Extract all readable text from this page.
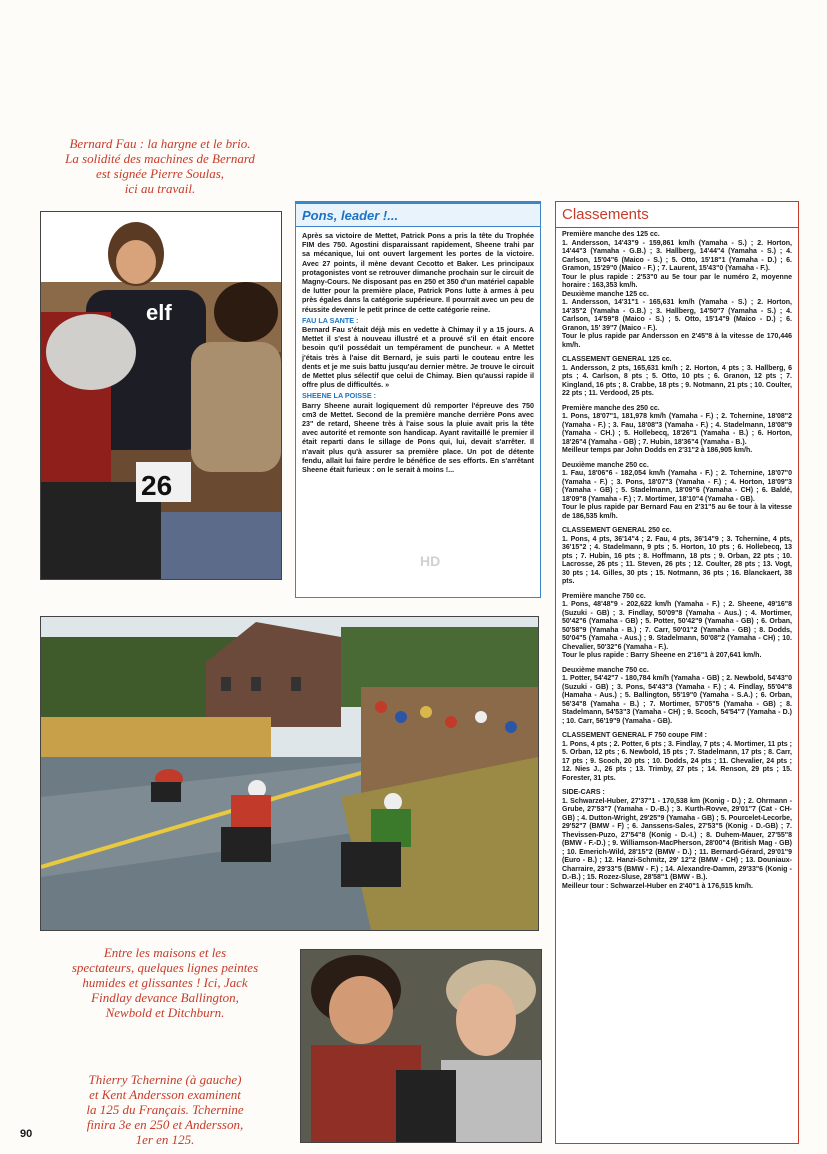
Bernard Fau : la hargne et le brio.
La solidité des machines de Bernard
est signée Pierre Soulas,
ici au travail.
elf
26
Pons, leader !...

Après sa victoire de Mettet, Patrick Pons a pris la tête du Trophée FIM des 750. Agostini disparaissant rapidement, Sheene trahi par sa mécanique, lui ont ouvert largement les portes de la victoire. Avec 27 points, il mène devant Cecotto et Baker. Les principaux protagonistes vont se retrouver dimanche prochain sur le circuit de Magny-Cours. Ne disposant pas en 250 et 350 d'un matériel capable de lutter pour la première place, Patrick Pons lutte à armes à peu près égales dans la catégorie supérieure. Il pourrait avec un peu de réussite devenir le petit prince de cette catégorie reine.

FAU LA SANTE :

Bernard Fau s'était déjà mis en vedette à Chimay il y a 15 jours. A Mettet il s'est à nouveau illustré et a prouvé s'il en était encore besoin qu'il possédait un tempérament de puncheur. « A Mettet j'étais très à l'aise dit Bernard, je suis parti le couteau entre les dents et je me suis battu jusqu'au dernier mètre. Je trouve le circuit de Mettet plus sélectif que celui de Chimay. Bien qu'aussi rapide il offre plus de difficultés. »

SHEENE LA POISSE :

Barry Sheene aurait logiquement dû remporter l'épreuve des 750 cm3 de Mettet. Second de la première manche derrière Pons avec 23" de retard, Sheene très à l'aise sous la pluie avait pris la tête avec autorité et remonte son handicap. Ayant ravitaillé le premier il était reparti dans le sillage de Pons qui, lui, devait s'arrêter. Il n'avait plus qu'à assurer sa première place. Un pot de détente fendu, allait lui faire perdre le bénéfice de ses efforts. En s'arrêtant Sheene était furieux : on le serait à moins !...

HD
Classements

Première manche des 125 cc.
1. Andersson, 14'43"9 - 159,861 km/h (Yamaha - S.) ; 2. Horton, 14'44"3 (Yamaha - G.B.) ; 3. Hallberg, 14'44"4 (Yamaha - S.) ; 4. Carlson, 15'04"6 (Maico - S.) ; 5. Otto, 15'18"1 (Yamaha - D.) ; 6. Gramon, 15'29"0 (Maico - F.) ; 7. Laurent, 15'43"0 (Yamaha - F.).
Tour le plus rapide : 2'53"0 au 5e tour par le numéro 2, moyenne horaire : 163,353 km/h.
Deuxième manche 125 cc.
1. Andersson, 14'31"1 - 165,631 km/h (Yamaha - S.) ; 2. Horton, 14'35"2 (Yamaha - G.B.) ; 3. Hallberg, 14'50"7 (Yamaha - S.) ; 4. Carlson, 14'59"8 (Maico - S.) ; 5. Otto, 15'14"9 (Maico - D.) ; 6. Granon, 15' 39"7 (Maico - F.).
Tour le plus rapide par Andersson en 2'45"8 à la vitesse de 170,446 km/h.

CLASSEMENT GENERAL 125 cc.
1. Andersson, 2 pts, 165,631 km/h ; 2. Horton, 4 pts ; 3. Hallberg, 6 pts ; 4. Carlson, 8 pts ; 5. Otto, 10 pts ; 6. Granon, 12 pts ; 7. Kingland, 16 pts ; 8. Crabbe, 18 pts ; 9. Notmann, 21 pts ; 10. Coulter, 22 pts ; 11. Verdood, 25 pts.

Première manche des 250 cc.
1. Pons, 18'07"1, 181,978 km/h (Yamaha - F.) ; 2. Tchernine, 18'08"2 (Yamaha - F.) ; 3. Fau, 18'08"3 (Yamaha - F.) ; 4. Stadelmann, 18'08"9 (Yamaha - CH.) ; 5. Hollebecq, 18'26"1 (Yamaha - B.) ; 6. Horton, 18'26"4 (Yamaha - GB) ; 7. Hubin, 18'36"4 (Yamaha - B.).
Meilleur temps par John Dodds en 2'31"2 à 186,905 km/h.

Deuxième manche 250 cc.
1. Fau, 18'06"6 - 182,054 km/h (Yamaha - F.) ; 2. Tchernine, 18'07"0 (Yamaha - F.) ; 3. Pons, 18'07"3 (Yamaha - F.) ; 4. Horton, 18'09"3 (Yamaha - GB) ; 5. Stadelmann, 18'09"6 (Yamaha - CH) ; 6. Baldé, 18'09"8 (Yamaha - F.) ; 7. Mortimer, 18'10"4 (Yamaha - GB).
Tour le plus rapide par Bernard Fau en 2'31"5 au 6e tour à la vitesse de 186,535 km/h.

CLASSEMENT GENERAL 250 cc.
1. Pons, 4 pts, 36'14"4 ; 2. Fau, 4 pts, 36'14"9 ; 3. Tchernine, 4 pts, 36'15"2 ; 4. Stadelmann, 9 pts ; 5. Horton, 10 pts ; 6. Hollebecq, 13 pts ; 7. Hubin, 16 pts ; 8. Hoffmann, 18 pts ; 9. Orban, 22 pts ; 10. Lacrosse, 26 pts ; 11. Steven, 26 pts ; 12. Coulter, 28 pts ; 13. Vogt, 30 pts ; 14. Gilles, 30 pts ; 15. Notmann, 36 pts ; 16. Blanckaert, 38 pts.

Première manche 750 cc.
1. Pons, 48'48"9 - 202,622 km/h (Yamaha - F.) ; 2. Sheene, 49'16"8 (Suzuki - GB) ; 3. Findlay, 50'09"8 (Yamaha - Aus.) ; 4. Mortimer, 50'42"6 (Yamaha - GB) ; 5. Potter, 50'42"9 (Yamaha - GB) ; 6. Orban, 50'58"9 (Yamaha - B.) ; 7. Carr, 50'01"2 (Yamaha - GB) ; 8. Dodds, 50'04"5 (Yamaha - Aus.) ; 9. Stadelmann, 50'08"2 (Yamaha - CH) ; 10. Chevalier, 50'32"6 (Yamaha - F.).
Tour le plus rapide : Barry Sheene en 2'16"1 à 207,641 km/h.

Deuxième manche 750 cc.
1. Potter, 54'42"7 - 180,784 km/h (Yamaha - GB) ; 2. Newbold, 54'43"0 (Suzuki - GB) ; 3. Pons, 54'43"3 (Yamaha - F.) ; 4. Findlay, 55'04"8 (Hamaha - Aus.) ; 5. Ballington, 55'19"0 (Yamaha - S.A.) ; 6. Orban, 56'34"8 (Yamaha - B.) ; 7. Mortimer, 57'05"5 (Yamaha - GB) ; 8. Stadelmann, 54'53"3 (Yamaha - CH) ; 9. Scoch, 54'54"7 (Yamaha - D.) ; 10. Carr, 56'19"9 (Yamaha - GB).

CLASSEMENT GENERAL F 750 coupe FIM :
1. Pons, 4 pts ; 2. Potter, 6 pts ; 3. Findlay, 7 pts ; 4. Mortimer, 11 pts ; 5. Orban, 12 pts ; 6. Newbold, 15 pts ; 7. Stadelmann, 17 pts ; 8. Carr, 17 pts ; 9. Scoch, 20 pts ; 10. Dodds, 24 pts ; 11. Chevalier, 24 pts ; 12. Nies J., 26 pts ; 13. Trimby, 27 pts ; 14. Renson, 29 pts ; 15. Forester, 31 pts.

SIDE-CARS :
1. Schwarzel-Huber, 27'37"1 - 170,538 km (Konig - D.) ; 2. Ohrmann - Grube, 27'53"7 (Yamaha - D.-B.) ; 3. Kurth-Rovve, 29'01"7 (Cat - CH-GB) ; 4. Dutton-Wright, 29'25"9 (Yamaha - GB) ; 5. Pourcelet-Lecorbe, 29'52"7 (BMW - F) ; 6. Janssens-Sales, 27'53"5 (Konig - D.-GB) ; 7. Thevissen-Puzo, 27'54"8 (Konig - D.-I.) ; 8. Duhem-Mauer, 27'55"8 (BMW - F.-D.) ; 9. Williamson-MacPherson, 28'00"4 (British Mag - GB) ; 10. Emerich-Wild, 28'15"2 (BMW - D.) ; 11. Bernard-Gérard, 29'01"9 (Euro - B.) ; 12. Hanzi-Schmitz, 29' 12"2 (BMW - CH) ; 13. Douniaux-Charraire, 29'33"5 (BMW - F.) ; 14. Alexandre-Damm, 29'33"6 (Konig - D.-B.) ; 15. Rozez-Sluse, 28'58"1 (BMW - B.).
Meilleur tour : Schwarzel-Huber en 2'40"1 à 176,515 km/h.

Entre les maisons et les
spectateurs, quelques lignes peintes
humides et glissantes ! Ici, Jack
Findlay devance Ballington,
Newbold et Ditchburn.
Thierry Tchernine (à gauche)
et Kent Andersson examinent
la 125 du Français. Tchernine
finira 3e en 250 et Andersson,
1er en 125.
90
